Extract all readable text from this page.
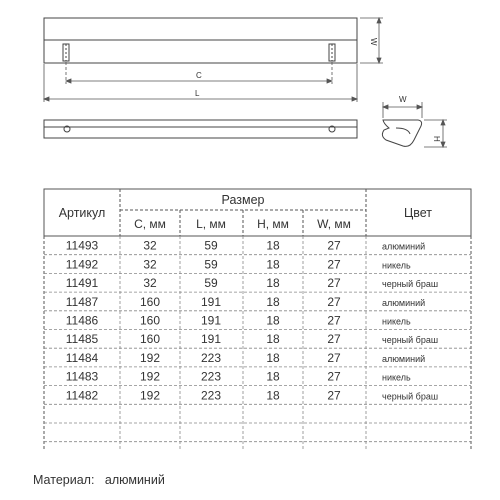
W
C
L
W
H
Артикул
Размер
Цвет
C, мм	L, мм	H, мм W, мм
11493	32	59	18	27	алюминий
11492	32	59	18	27	никель
11491	32	59	18	27	черный браш
11487	160	191	18	27	алюминий
11486	160	191	18	27	никель
11485	160	191	18	27	черный браш
11484	192	223	18	27	алюминий
11483	192	223	18	27	никель
11482	192	223	18	27	черный браш
Материал: алюминий
